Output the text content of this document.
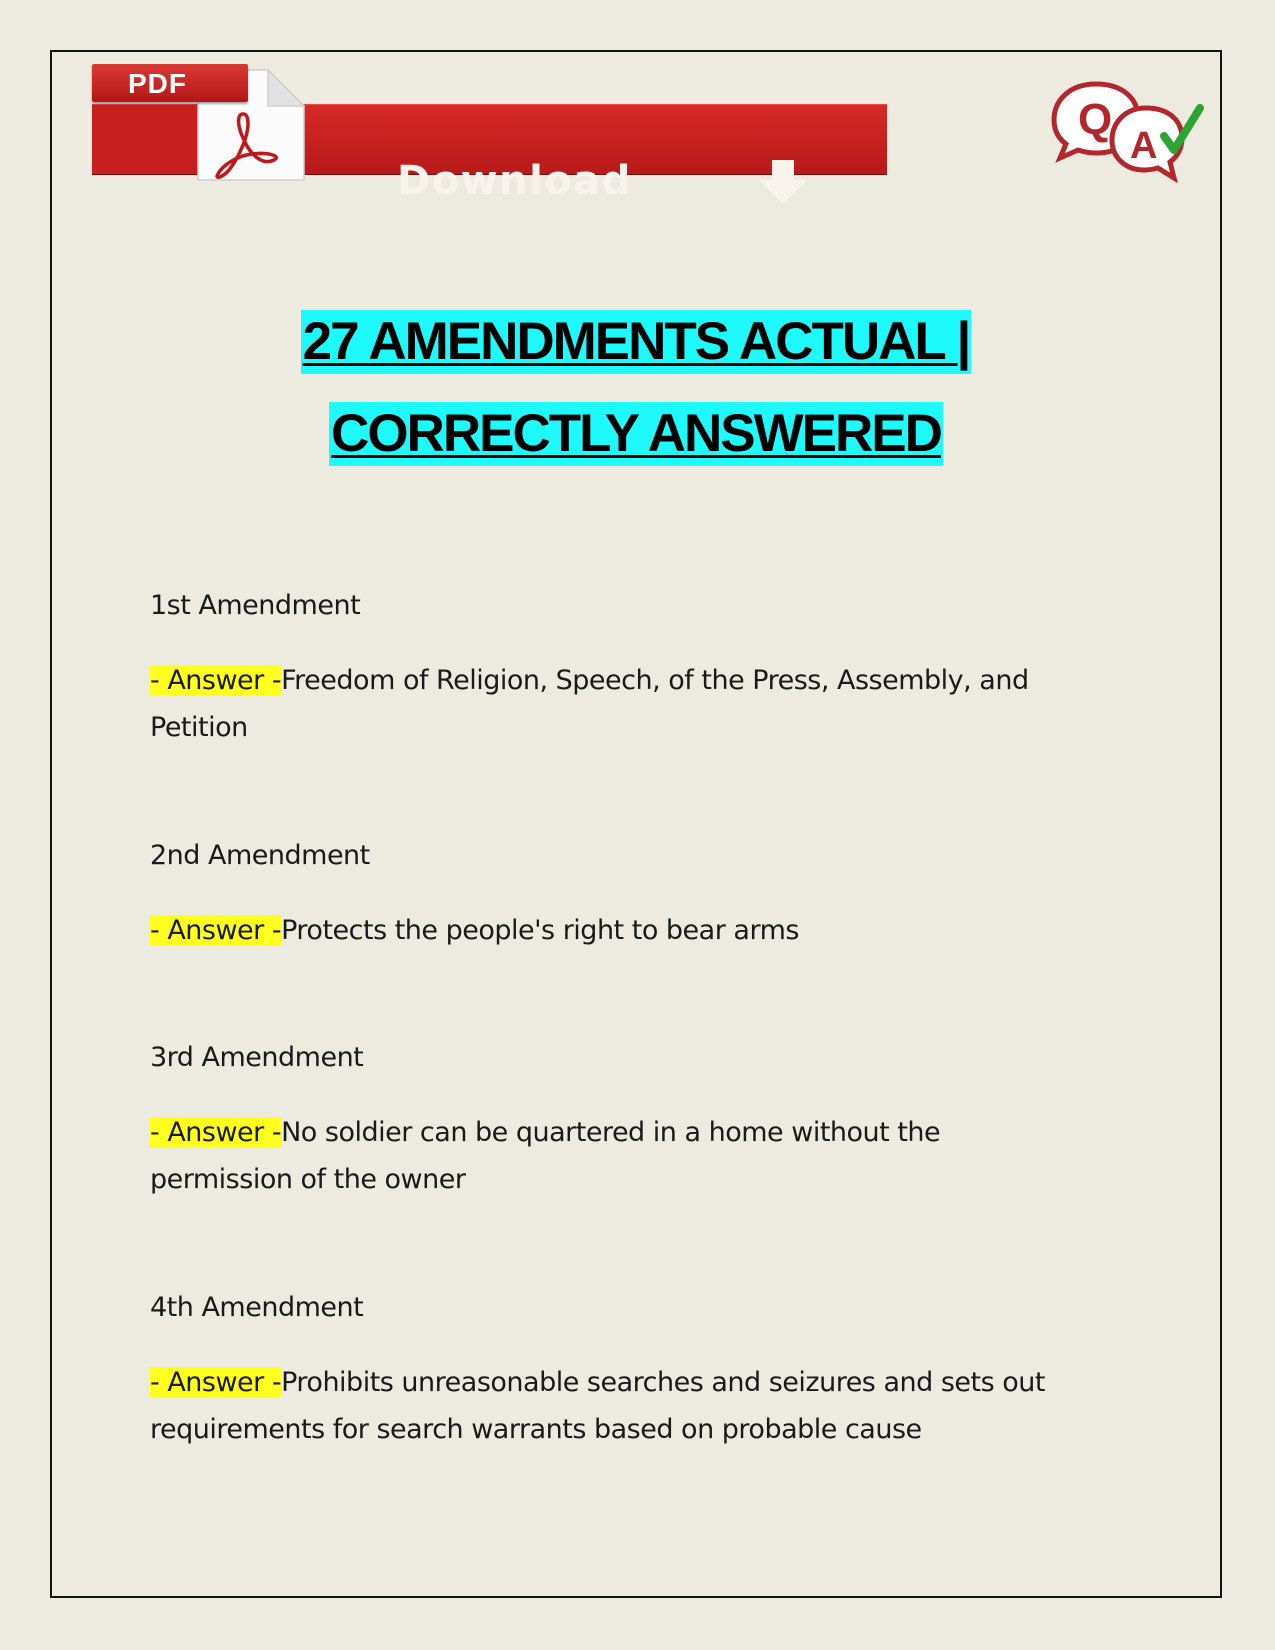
Download
PDF
Q
A
27 AMENDMENTS ACTUAL |
CORRECTLY ANSWERED
1st Amendment
- Answer -Freedom of Religion, Speech, of the Press, Assembly, and
Petition
2nd Amendment
- Answer -Protects the people's right to bear arms
3rd Amendment
- Answer -No soldier can be quartered in a home without the
permission of the owner
4th Amendment
- Answer -Prohibits unreasonable searches and seizures and sets out
requirements for search warrants based on probable cause
